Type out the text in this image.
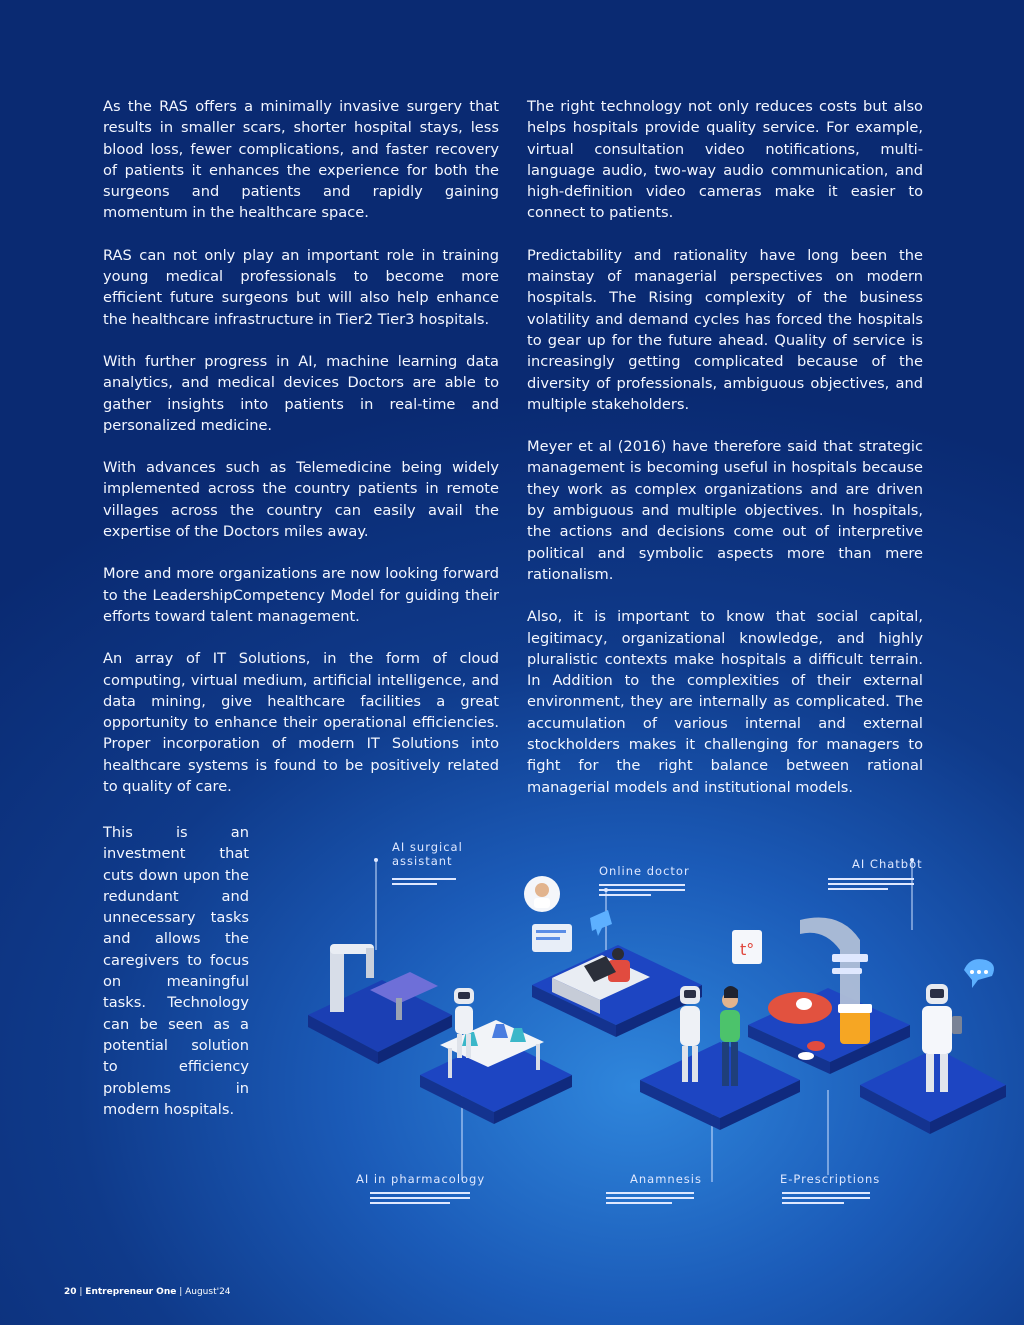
As the RAS offers a minimally invasive surgery that results in smaller scars, shorter hospital stays, less blood loss, fewer complications, and faster recovery of patients it enhances the experience for both the surgeons and patients and rapidly gaining momentum in the healthcare space.

RAS can not only play an important role in training young medical professionals to become more efficient future surgeons but will also help enhance the healthcare infrastructure in Tier2 Tier3 hospitals.

With further progress in AI, machine learning data analytics, and medical devices Doctors are able to gather insights into patients in real-time and personalized medicine.

With advances such as Telemedicine being widely implemented across the country patients in remote villages across the country can easily avail the expertise of the Doctors miles away.

More and more organizations are now looking forward to the LeadershipCompetency Model for guiding their efforts toward talent management.

An array of IT Solutions, in the form of cloud computing, virtual medium, artificial intelligence, and data mining, give healthcare facilities a great opportunity to enhance their operational efficiencies. Proper incorporation of modern IT Solutions into healthcare systems is found to be positively related to quality of care.

The right technology not only reduces costs but also helps hospitals provide quality service. For example, virtual consultation video notifications, multi-language audio, two-way audio communication, and high-definition video cameras make it easier to connect to patients.

Predictability and rationality have long been the mainstay of managerial perspectives on modern hospitals. The Rising complexity of the business volatility and demand cycles has forced the hospitals to gear up for the future ahead. Quality of service is increasingly getting complicated because of the diversity of professionals, ambiguous objectives, and multiple stakeholders.

Meyer et al (2016) have therefore said that strategic management is becoming useful in hospitals because they work as complex organizations and are driven by ambiguous and multiple objectives. In hospitals, the actions and decisions come out of interpretive political and symbolic aspects more than mere rationalism.

Also, it is important to know that social capital, legitimacy, organizational knowledge, and highly pluralistic contexts make hospitals a difficult terrain. In Addition to the complexities of their external environment, they are internally as complicated. The accumulation of various internal and external stockholders makes it challenging for managers to fight for the right balance between rational managerial models and institutional models.

This is an investment that cuts down upon the redundant and unnecessary tasks and allows the caregivers to focus on meaningful tasks. Technology can be seen as a potential solution to efficiency problems in modern hospitals.

t°
AI surgical
assistant
Online doctor	AI Chatbot
AI in pharmacology	Anamnesis	E-Prescriptions
20 | Entrepreneur One | August'24
